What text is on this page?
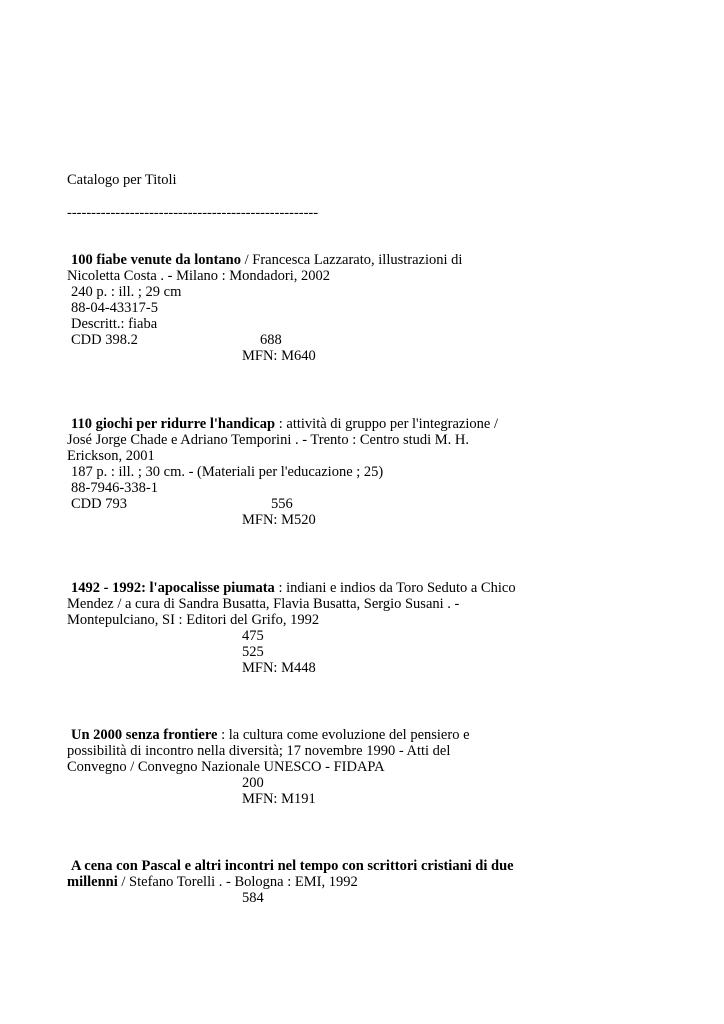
Catalogo per Titoli
----------------------------------------------------
100 fiabe venute da lontano / Francesca Lazzarato, illustrazioni di
Nicoletta Costa . - Milano : Mondadori, 2002
240 p. : ill. ; 29 cm
88-04-43317-5
Descritt.: fiaba
CDD 398.2	688
MFN: M640
110 giochi per ridurre l'handicap : attività di gruppo per l'integrazione /
José Jorge Chade e Adriano Temporini . - Trento : Centro studi M. H.
Erickson, 2001
187 p. : ill. ; 30 cm. - (Materiali per l'educazione ; 25)
88-7946-338-1
CDD 793	556
MFN: M520
1492 - 1992: l'apocalisse piumata : indiani e indios da Toro Seduto a Chico
Mendez / a cura di Sandra Busatta, Flavia Busatta, Sergio Susani . -
Montepulciano, SI : Editori del Grifo, 1992
475
525
MFN: M448
Un 2000 senza frontiere : la cultura come evoluzione del pensiero e
possibilità di incontro nella diversità; 17 novembre 1990 - Atti del
Convegno / Convegno Nazionale UNESCO - FIDAPA
200
MFN: M191
A cena con Pascal e altri incontri nel tempo con scrittori cristiani di due
millenni / Stefano Torelli . - Bologna : EMI, 1992
584
